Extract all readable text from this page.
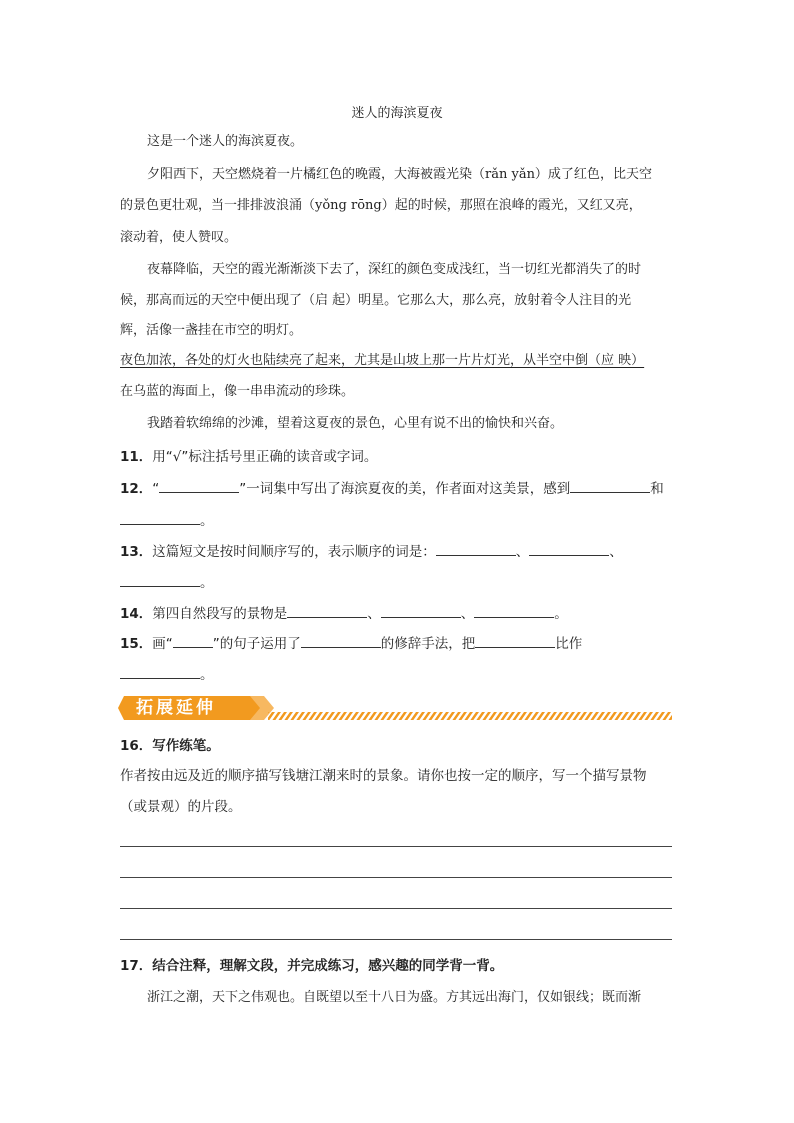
迷人的海滨夏夜
这是一个迷人的海滨夏夜。
夕阳西下，天空燃烧着一片橘红色的晚霞，大海被霞光染（rǎn yǎn）成了红色，比天空
的景色更壮观，当一排排波浪涌（yǒng rōng）起的时候，那照在浪峰的霞光，又红又亮，
滚动着，使人赞叹。
夜幕降临，天空的霞光渐渐淡下去了，深红的颜色变成浅红，当一切红光都消失了的时
候，那高而远的天空中便出现了（启 起）明星。它那么大，那么亮，放射着令人注目的光
辉，活像一盏挂在市空的明灯。
夜色加浓，各处的灯火也陆续亮了起来，尤其是山坡上那一片片灯光，从半空中倒（应 映）
在乌蓝的海面上，像一串串流动的珍珠。
我踏着软绵绵的沙滩，望着这夏夜的景色，心里有说不出的愉快和兴奋。
11．用“√”标注括号里正确的读音或字词。
12．“	”一词集中写出了海滨夏夜的美，作者面对这美景，感到	和
。
13．这篇短文是按时间顺序写的，表示顺序的词是：	、	、
。
14．第四自然段写的景物是	、	、	。
15．画“	”的句子运用了	的修辞手法，把	比作
。
拓展延伸
16．写作练笔。
作者按由远及近的顺序描写钱塘江潮来时的景象。请你也按一定的顺序，写一个描写景物
（或景观）的片段。
17．结合注释，理解文段，并完成练习，感兴趣的同学背一背。
浙江之潮，天下之伟观也。自既望以至十八日为盛。方其远出海门，仅如银线；既而渐
